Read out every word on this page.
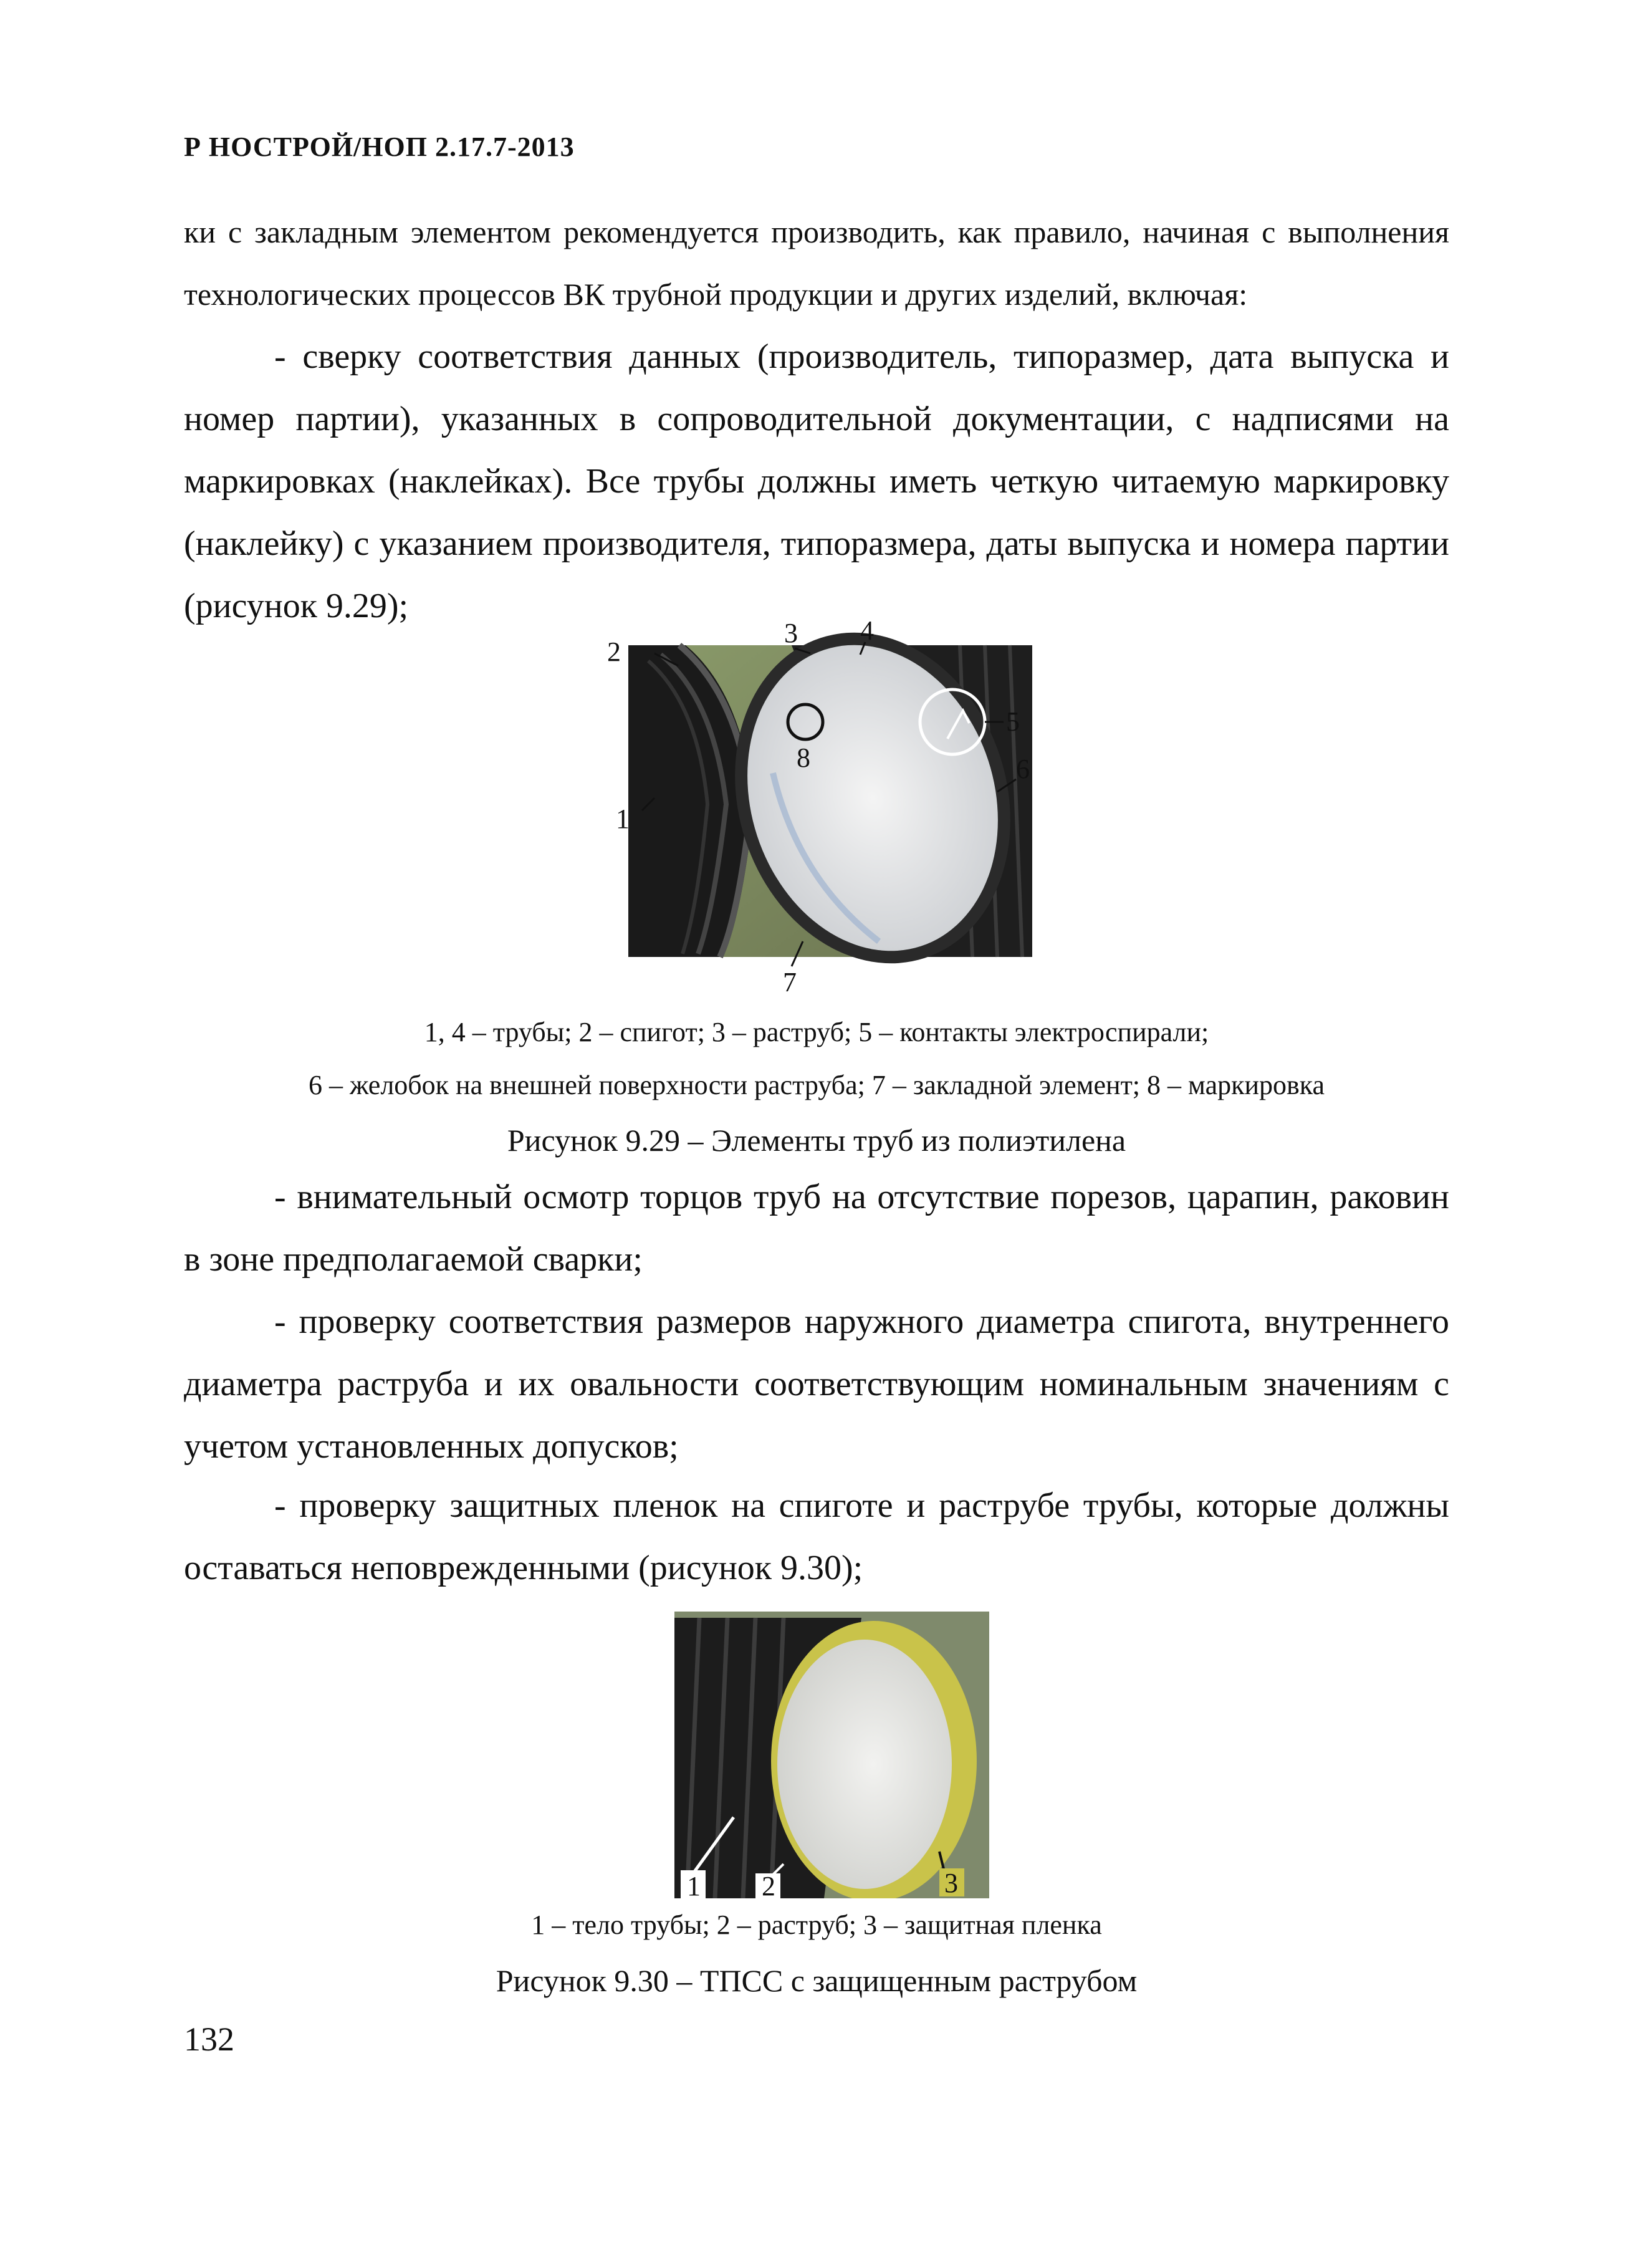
Р НОСТРОЙ/НОП 2.17.7-2013

ки с закладным элементом рекомендуется производить, как правило, начиная с выполнения технологических процессов ВК трубной продукции и других изделий, включая:

- сверку соответствия данных (производитель, типоразмер, дата выпуска и номер партии), указанных в сопроводительной документации, с надписями на маркировках (наклейках). Все трубы должны иметь четкую читаемую маркировку (наклейку) с указанием производителя, типоразмера, даты выпуска и номера партии (рисунок 9.29);

1
2
3 4
5
6
7
8
1, 4 – трубы; 2 – спигот; 3 – раструб; 5 – контакты электроспирали;
6 – желобок на внешней поверхности раструба; 7 – закладной элемент; 8 – маркировка
Рисунок 9.29 – Элементы труб из полиэтилена

- внимательный осмотр торцов труб на отсутствие порезов, царапин, раковин в зоне предполагаемой сварки;

- проверку соответствия размеров наружного диаметра спигота, внутреннего диаметра раструба и их овальности соответствующим номинальным значениям с учетом установленных допусков;

- проверку защитных пленок на спиготе и раструбе трубы, которые должны оставаться неповрежденными (рисунок 9.30);

1 2	3
1 – тело трубы; 2 – раструб; 3 – защитная пленка
Рисунок 9.30 – ТПСС с защищенным раструбом
132
